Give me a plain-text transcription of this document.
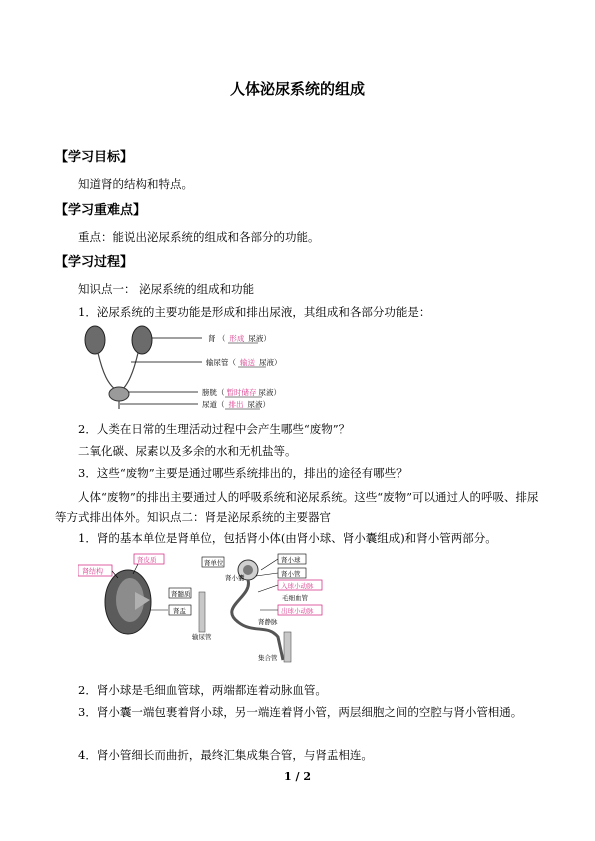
人体泌尿系统的组成
【学习目标】
知道肾的结构和特点。
【学习重难点】
重点：能说出泌尿系统的组成和各部分的功能。
【学习过程】
知识点一： 泌尿系统的组成和功能
1．泌尿系统的主要功能是形成和排出尿液，其组成和各部分功能是：
肾 （ 形成 尿液）
输尿管（ 输送 尿液）
膀胱（ 暂时储存 尿液）
尿道（ 排出 尿液）
2．人类在日常的生理活动过程中会产生哪些“废物”？
二氧化碳、尿素以及多余的水和无机盐等。
3．这些“废物”主要是通过哪些系统排出的，排出的途径有哪些？
人体“废物”的排出主要通过人的呼吸系统和泌尿系统。这些“废物”可以通过人的呼吸、排尿等方式排出体外。知识点二：肾是泌尿系统的主要器官
1．肾的基本单位是肾单位，包括肾小体(由肾小球、肾小囊组成)和肾小管两部分。
肾结构
肾皮质
肾髓质
肾盂
肾单位
输尿管
肾小球
肾小囊	肾小管
入球小动脉
毛细血管
出球小动脉
肾静脉
集合管
2．肾小球是毛细血管球，两端都连着动脉血管。
3．肾小囊一端包裹着肾小球，另一端连着肾小管，两层细胞之间的空腔与肾小管相通。
4．肾小管细长而曲折，最终汇集成集合管，与肾盂相连。
1 / 2
